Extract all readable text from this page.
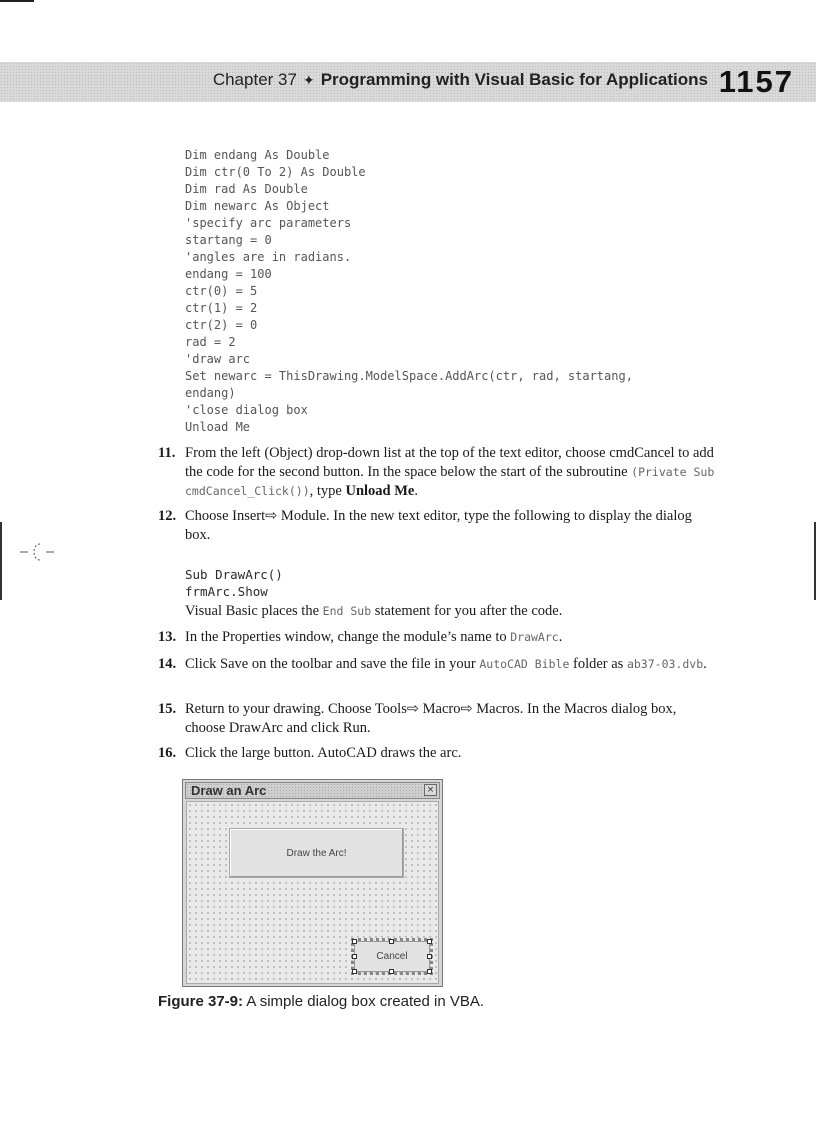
Chapter 37 ✦ Programming with Visual Basic for Applications 1157
Dim endang As Double
Dim ctr(0 To 2) As Double
Dim rad As Double
Dim newarc As Object
'specify arc parameters
startang = 0
'angles are in radians.
endang = 100
ctr(0) = 5
ctr(1) = 2
ctr(2) = 0
rad = 2
'draw arc
Set newarc = ThisDrawing.ModelSpace.AddArc(ctr, rad, startang,
endang)
'close dialog box
Unload Me
11. From the left (Object) drop-down list at the top of the text editor, choose cmdCancel to add the code for the second button. In the space below the start of the subroutine (Private Sub cmdCancel_Click()), type Unload Me.
12. Choose Insert⇨ Module. In the new text editor, type the following to display the dialog box.
Sub DrawArc()
frmArc.Show
Visual Basic places the End Sub statement for you after the code.
13. In the Properties window, change the module’s name to DrawArc.
14. Click Save on the toolbar and save the file in your AutoCAD Bible folder as ab37-03.dvb.
15. Return to your drawing. Choose Tools⇨ Macro⇨ Macros. In the Macros dialog box, choose DrawArc and click Run.
16. Click the large button. AutoCAD draws the arc.
Draw an Arc	×
Draw the Arc!
Cancel
Figure 37-9: A simple dialog box created in VBA.
